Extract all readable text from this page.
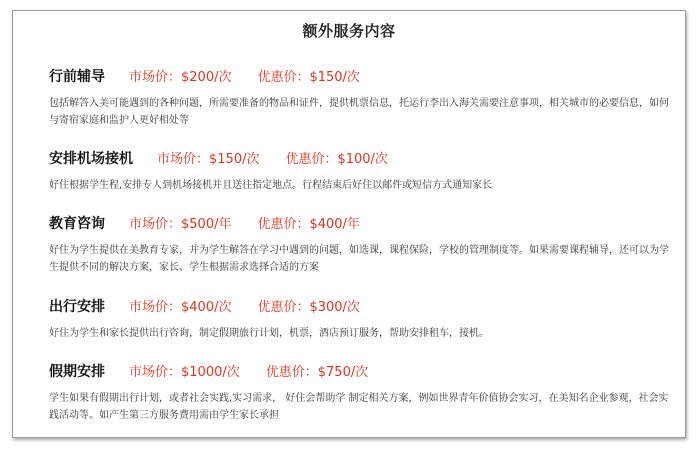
额外服务内容
行前辅导 市场价：$200/次 优惠价：$150/次
包括解答入美可能遇到的各种问题，所需要准备的物品和证件，提供机票信息，托运行李出入海关需要注意事项，相关城市的必要信息，如何与寄宿家庭和监护人更好相处等
安排机场接机 市场价：$150/次 优惠价：$100/次
好住根据学生程,安排专人到机场接机并且送往指定地点。行程结束后好住以邮件或短信方式通知家长
教育咨询 市场价：$500/年 优惠价：$400/年
好住为学生提供在美教育专家，并为学生解答在学习中遇到的问题，如选课，课程保险，学校的管理制度等。如果需要课程辅导，还可以为学生提供不同的解决方案，家长、学生根据需求选择合适的方案
出行安排 市场价：$400/次 优惠价：$300/次
好住为学生和家长提供出行咨询，制定假期旅行计划，机票，酒店预订服务，帮助安排租车，接机。
假期安排 市场价：$1000/次 优惠价：$750/次
学生如果有假期出行计划，或者社会实践,实习需求， 好住会帮助学 制定相关方案，例如世界青年价值协会实习，在美知名企业参观，社会实践活动等。如产生第三方服务费用需由学生家长承担
